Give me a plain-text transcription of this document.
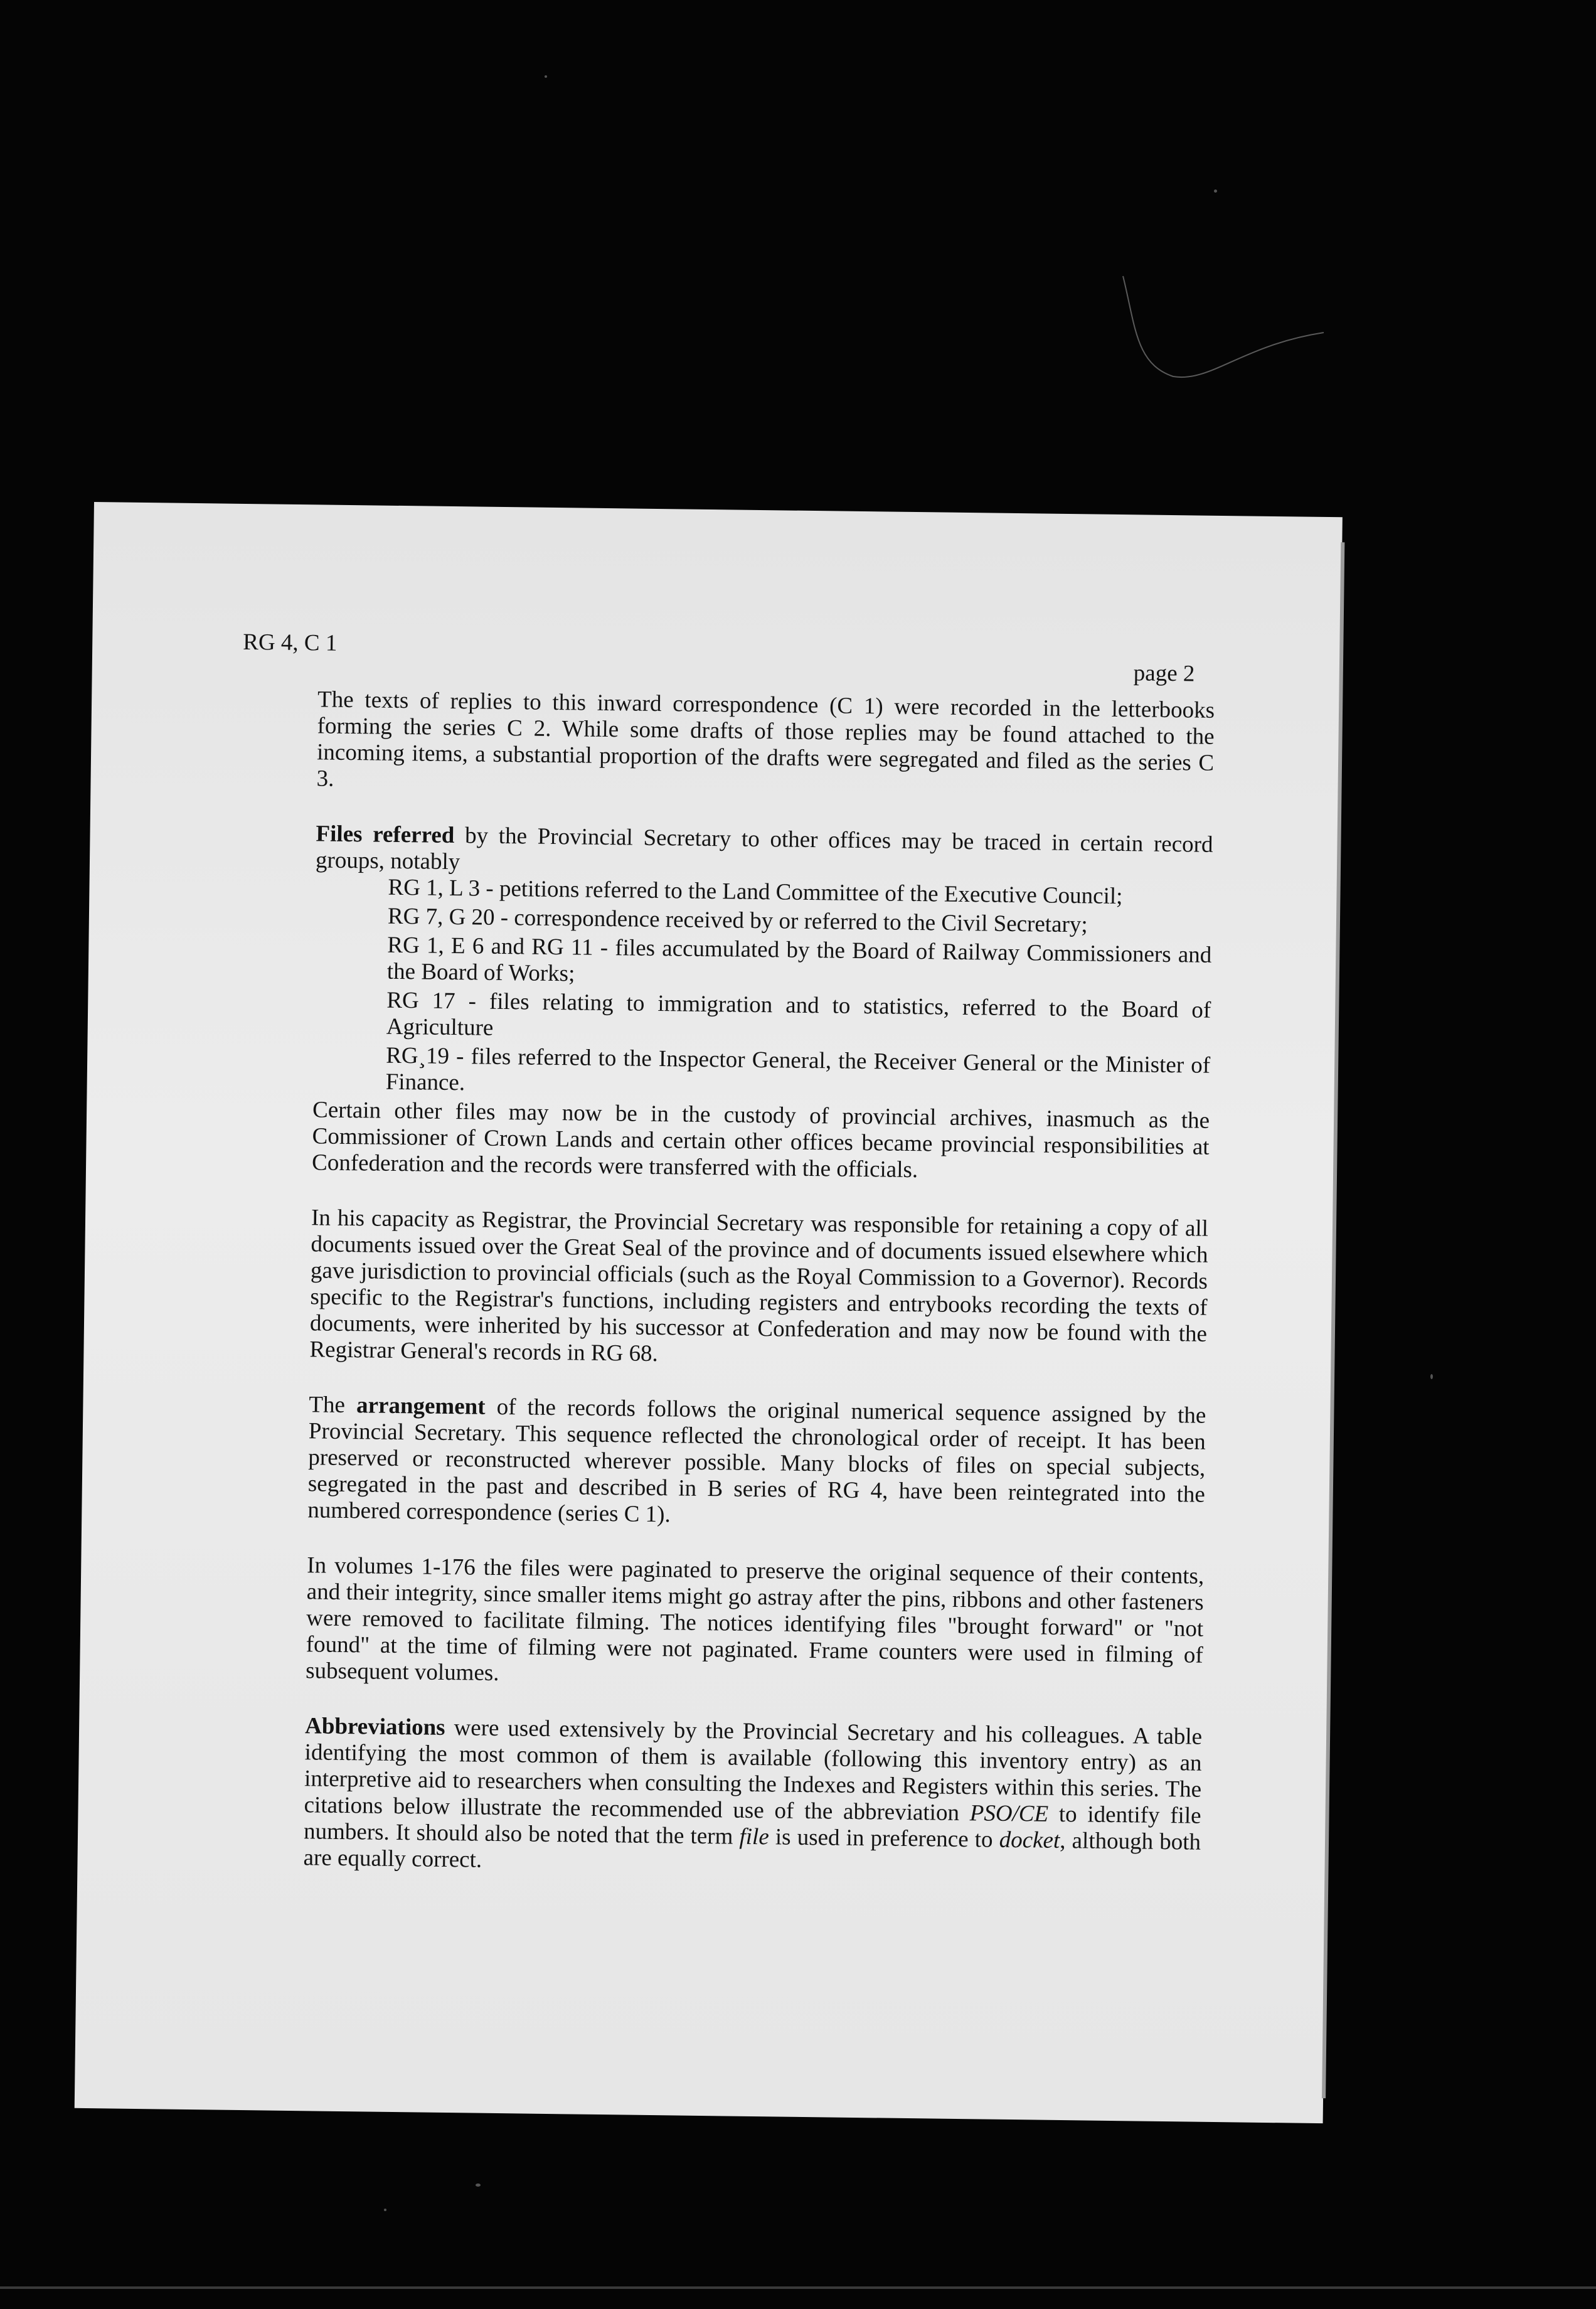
RG 4, C 1

page 2

The texts of replies to this inward correspondence (C 1) were recorded in the letterbooks forming the series C 2. While some drafts of those replies may be found attached to the incoming items, a substantial proportion of the drafts were segregated and filed as the series C 3.

Files referred by the Provincial Secretary to other offices may be traced in certain record groups, notably

RG 1, L 3 - petitions referred to the Land Committee of the Executive Council;
RG 7, G 20 - correspondence received by or referred to the Civil Secretary;
RG 1, E 6 and RG 11 - files accumulated by the Board of Railway Commissioners and the Board of Works;
RG 17 - files relating to immigration and to statistics, referred to the Board of Agriculture
RG¸19 - files referred to the Inspector General, the Receiver General or the Minister of Finance.

Certain other files may now be in the custody of provincial archives, inasmuch as the Commissioner of Crown Lands and certain other offices became provincial responsibilities at Confederation and the records were transferred with the officials.

In his capacity as Registrar, the Provincial Secretary was responsible for retaining a copy of all documents issued over the Great Seal of the province and of documents issued elsewhere which gave jurisdiction to provincial officials (such as the Royal Commission to a Governor). Records specific to the Registrar's functions, including registers and entrybooks recording the texts of documents, were inherited by his successor at Confederation and may now be found with the Registrar General's records in RG 68.

The arrangement of the records follows the original numerical sequence assigned by the Provincial Secretary. This sequence reflected the chronological order of receipt. It has been preserved or reconstructed wherever possible. Many blocks of files on special subjects, segregated in the past and described in B series of RG 4, have been reintegrated into the numbered correspondence (series C 1).

In volumes 1-176 the files were paginated to preserve the original sequence of their contents, and their integrity, since smaller items might go astray after the pins, ribbons and other fasteners were removed to facilitate filming. The notices identifying files "brought forward" or "not found" at the time of filming were not paginated. Frame counters were used in filming of subsequent volumes.

Abbreviations were used extensively by the Provincial Secretary and his colleagues. A table identifying the most common of them is available (following this inventory entry) as an interpretive aid to researchers when consulting the Indexes and Registers within this series. The citations below illustrate the recommended use of the abbreviation PSO/CE to identify file numbers. It should also be noted that the term file is used in preference to docket, although both are equally correct.
